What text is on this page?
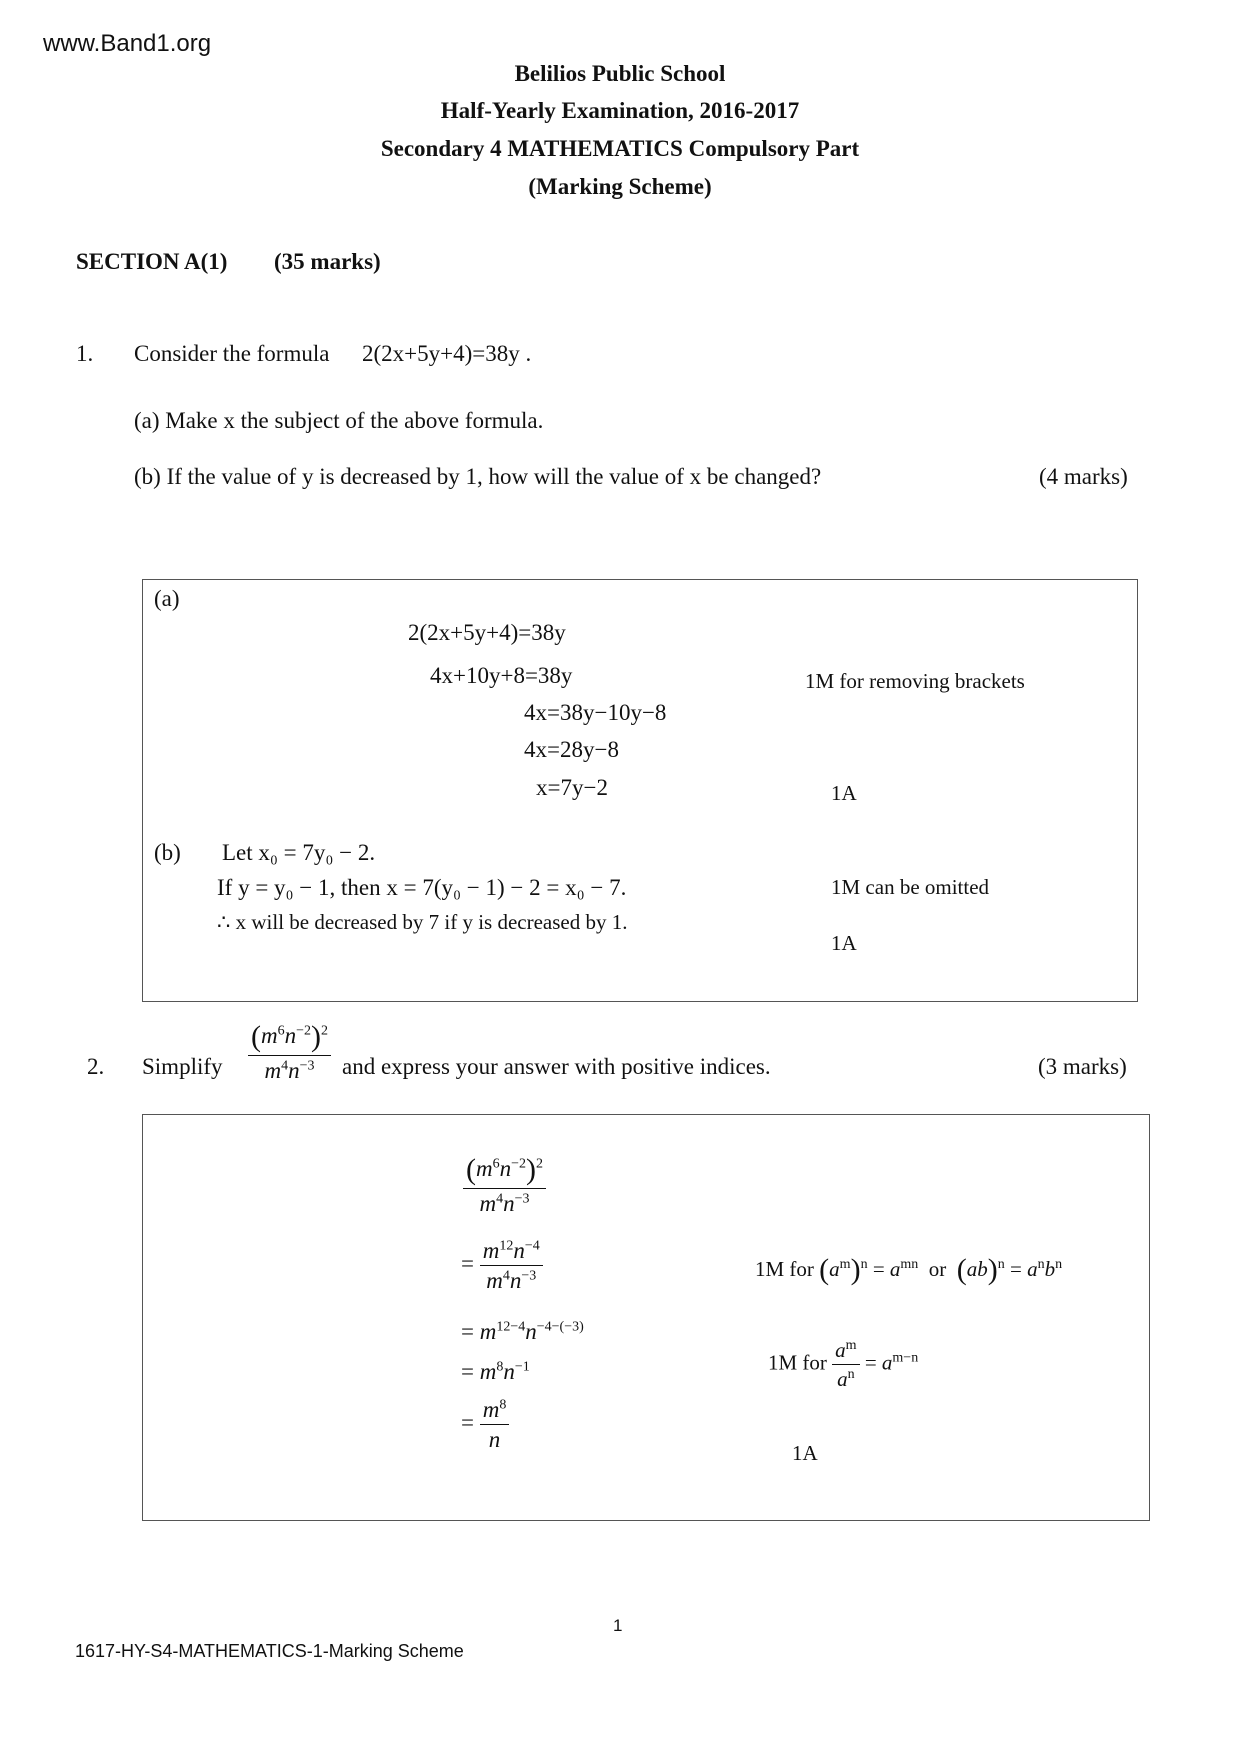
www.Band1.org
Belilios Public School
Half-Yearly Examination, 2016-2017
Secondary 4 MATHEMATICS Compulsory Part
(Marking Scheme)
SECTION A(1) (35 marks)
1. Consider the formula 2(2x+5y+4)=38y .
(a) Make x the subject of the above formula.
(b) If the value of y is decreased by 1, how will the value of x be changed?	(4 marks)
(a)
2(2x+5y+4)=38y
4x+10y+8=38y
4x=38y−10y−8
4x=28y−8
x=7y−2
1M for removing brackets
1A
(b) Let x₀ = 7y₀ − 2.
If y = y₀ − 1, then x = 7(y₀ − 1) − 2 = x₀ − 7.
∴ x will be decreased by 7 if y is decreased by 1.
1M can be omitted
1A
2. Simplify $\frac{(m^6n^{-2})^2}{m^4n^{-3}}$ and express your answer with positive indices.	(3 marks)
$\frac{(m^6n^{-2})^2}{m^4n^{-3}}$
= $\frac{m^{12}n^{-4}}{m^4n^{-3}}$
= $m^{12-4}n^{-4-(-3)}$
= $m^8n^{-1}$
= $\frac{m^8}{n}$
1M for $(a^m)^n = a^{mn}$ or $(ab)^n = a^nb^n$
1M for $\frac{a^m}{a^n} = a^{m-n}$
1A
1
1617-HY-S4-MATHEMATICS-1-Marking Scheme
